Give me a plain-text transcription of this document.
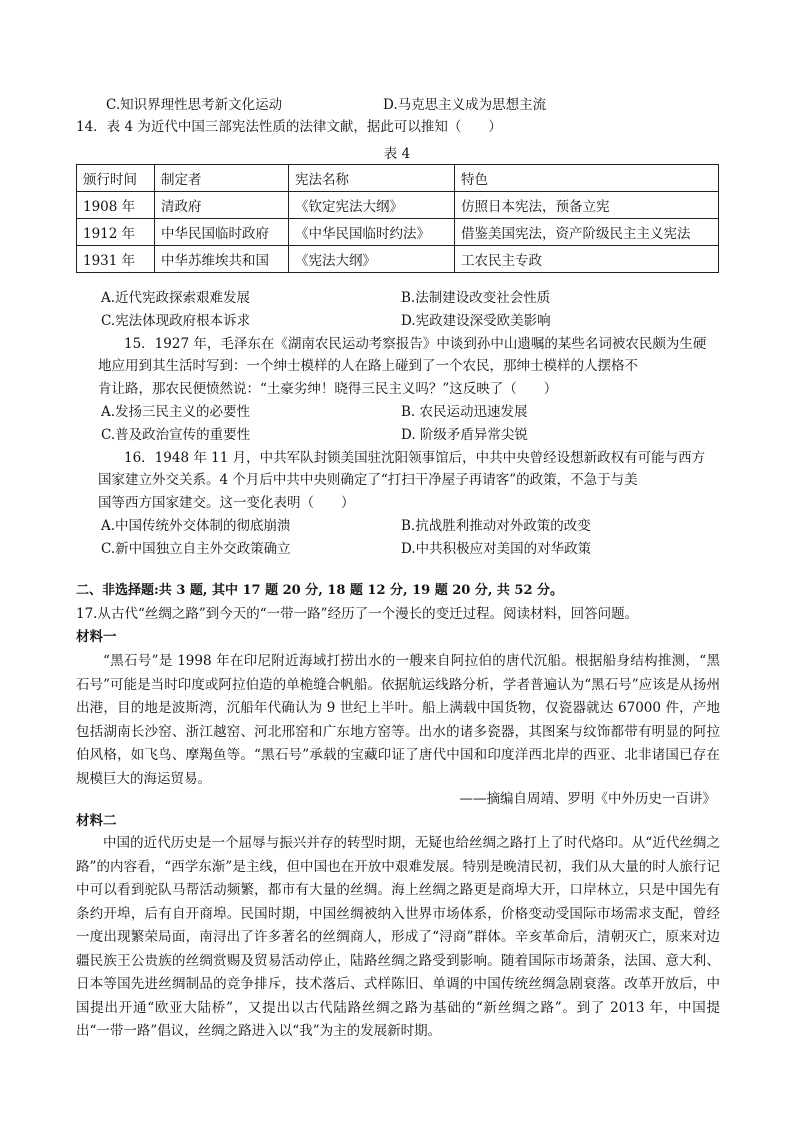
C.知识界理性思考新文化运动	D.马克思主义成为思想主流
14．表 4 为近代中国三部宪法性质的法律文献，据此可以推知（　　）
表 4
颁行时间	制定者	宪法名称	特色
1908 年	清政府	《钦定宪法大纲》	仿照日本宪法，预备立宪
1912 年	中华民国临时政府	《中华民国临时约法》	借鉴美国宪法，资产阶级民主主义宪法
1931 年	中华苏维埃共和国	《宪法大纲》	工农民主专政
A.近代宪政探索艰难发展	B.法制建设改变社会性质
C.宪法体现政府根本诉求	D.宪政建设深受欧美影响
15．1927 年，毛泽东在《湖南农民运动考察报告》中谈到孙中山遗嘱的某些名词被农民颇为生硬
地应用到其生活时写到：一个绅士模样的人在路上碰到了一个农民，那绅士模样的人摆格不
肯让路，那农民便愤然说：“土豪劣绅！晓得三民主义吗？”这反映了（　　）
A.发扬三民主义的必要性	B. 农民运动迅速发展
C.普及政治宣传的重要性	D. 阶级矛盾异常尖锐
16．1948 年 11 月，中共军队封锁美国驻沈阳领事馆后，中共中央曾经设想新政权有可能与西方
国家建立外交关系。4 个月后中共中央则确定了“打扫干净屋子再请客”的政策，不急于与美
国等西方国家建交。这一变化表明（　　）
A.中国传统外交体制的彻底崩溃	B.抗战胜利推动对外政策的改变
C.新中国独立自主外交政策确立	D.中共积极应对美国的对华政策
二、非选择题:共 3 题, 其中 17 题 20 分, 18 题 12 分, 19 题 20 分, 共 52 分。
17.从古代“丝绸之路”到今天的“一带一路”经历了一个漫长的变迁过程。阅读材料，回答问题。
材料一
“黑石号”是 1998 年在印尼附近海域打捞出水的一艘来自阿拉伯的唐代沉船。根据船身结构推测，“黑石号”可能是当时印度或阿拉伯造的单桅缝合帆船。依据航运线路分析，学者普遍认为“黑石号”应该是从扬州出港，目的地是波斯湾，沉船年代确认为 9 世纪上半叶。船上满载中国货物，仅瓷器就达 67000 件，产地包括湖南长沙窑、浙江越窑、河北邢窑和广东地方窑等。出水的诸多瓷器，其图案与纹饰都带有明显的阿拉伯风格，如飞鸟、摩羯鱼等。“黑石号”承载的宝藏印证了唐代中国和印度洋西北岸的西亚、北非诸国已存在规模巨大的海运贸易。
——摘编自周靖、罗明《中外历史一百讲》
材料二
中国的近代历史是一个屈辱与振兴并存的转型时期，无疑也给丝绸之路打上了时代烙印。从“近代丝绸之路”的内容看，“西学东渐”是主线，但中国也在开放中艰难发展。特别是晚清民初，我们从大量的时人旅行记中可以看到驼队马帮活动频繁，都市有大量的丝绸。海上丝绸之路更是商埠大开，口岸林立，只是中国先有条约开埠，后有自开商埠。民国时期，中国丝绸被纳入世界市场体系，价格变动受国际市场需求支配，曾经一度出现繁荣局面，南浔出了许多著名的丝绸商人，形成了“浔商”群体。辛亥革命后，清朝灭亡，原来对边疆民族王公贵族的丝绸赏赐及贸易活动停止，陆路丝绸之路受到影响。随着国际市场萧条，法国、意大利、日本等国先进丝绸制品的竞争排斥，技术落后、式样陈旧、单调的中国传统丝绸急剧衰落。改革开放后，中国提出开通“欧亚大陆桥”，又提出以古代陆路丝绸之路为基础的“新丝绸之路”。到了 2013 年，中国提出“一带一路”倡议，丝绸之路进入以“我”为主的发展新时期。
